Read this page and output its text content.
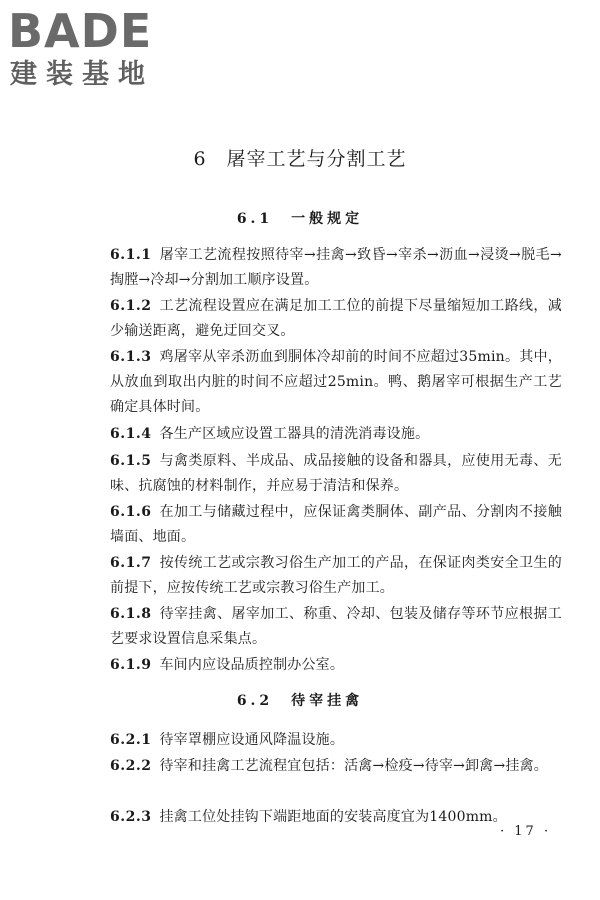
BADE
建装基地
6　屠宰工艺与分割工艺
6.1　一般规定
6.1.1 屠宰工艺流程按照待宰→挂禽→致昏→宰杀→沥血→浸烫→脱毛→掏膛→冷却→分割加工顺序设置。
6.1.2 工艺流程设置应在满足加工工位的前提下尽量缩短加工路线，减少输送距离，避免迂回交叉。
6.1.3 鸡屠宰从宰杀沥血到胴体冷却前的时间不应超过35min。其中，从放血到取出内脏的时间不应超过25min。鸭、鹅屠宰可根据生产工艺确定具体时间。
6.1.4 各生产区域应设置工器具的清洗消毒设施。
6.1.5 与禽类原料、半成品、成品接触的设备和器具，应使用无毒、无味、抗腐蚀的材料制作，并应易于清洁和保养。
6.1.6 在加工与储藏过程中，应保证禽类胴体、副产品、分割肉不接触墙面、地面。
6.1.7 按传统工艺或宗教习俗生产加工的产品，在保证肉类安全卫生的前提下，应按传统工艺或宗教习俗生产加工。
6.1.8 待宰挂禽、屠宰加工、称重、冷却、包装及储存等环节应根据工艺要求设置信息采集点。
6.1.9 车间内应设品质控制办公室。
6.2　待宰挂禽
6.2.1 待宰罩棚应设通风降温设施。
6.2.2 待宰和挂禽工艺流程宜包括：活禽→检疫→待宰→卸禽→挂禽。
6.2.3 挂禽工位处挂钩下端距地面的安装高度宜为1400mm。
· 17 ·
